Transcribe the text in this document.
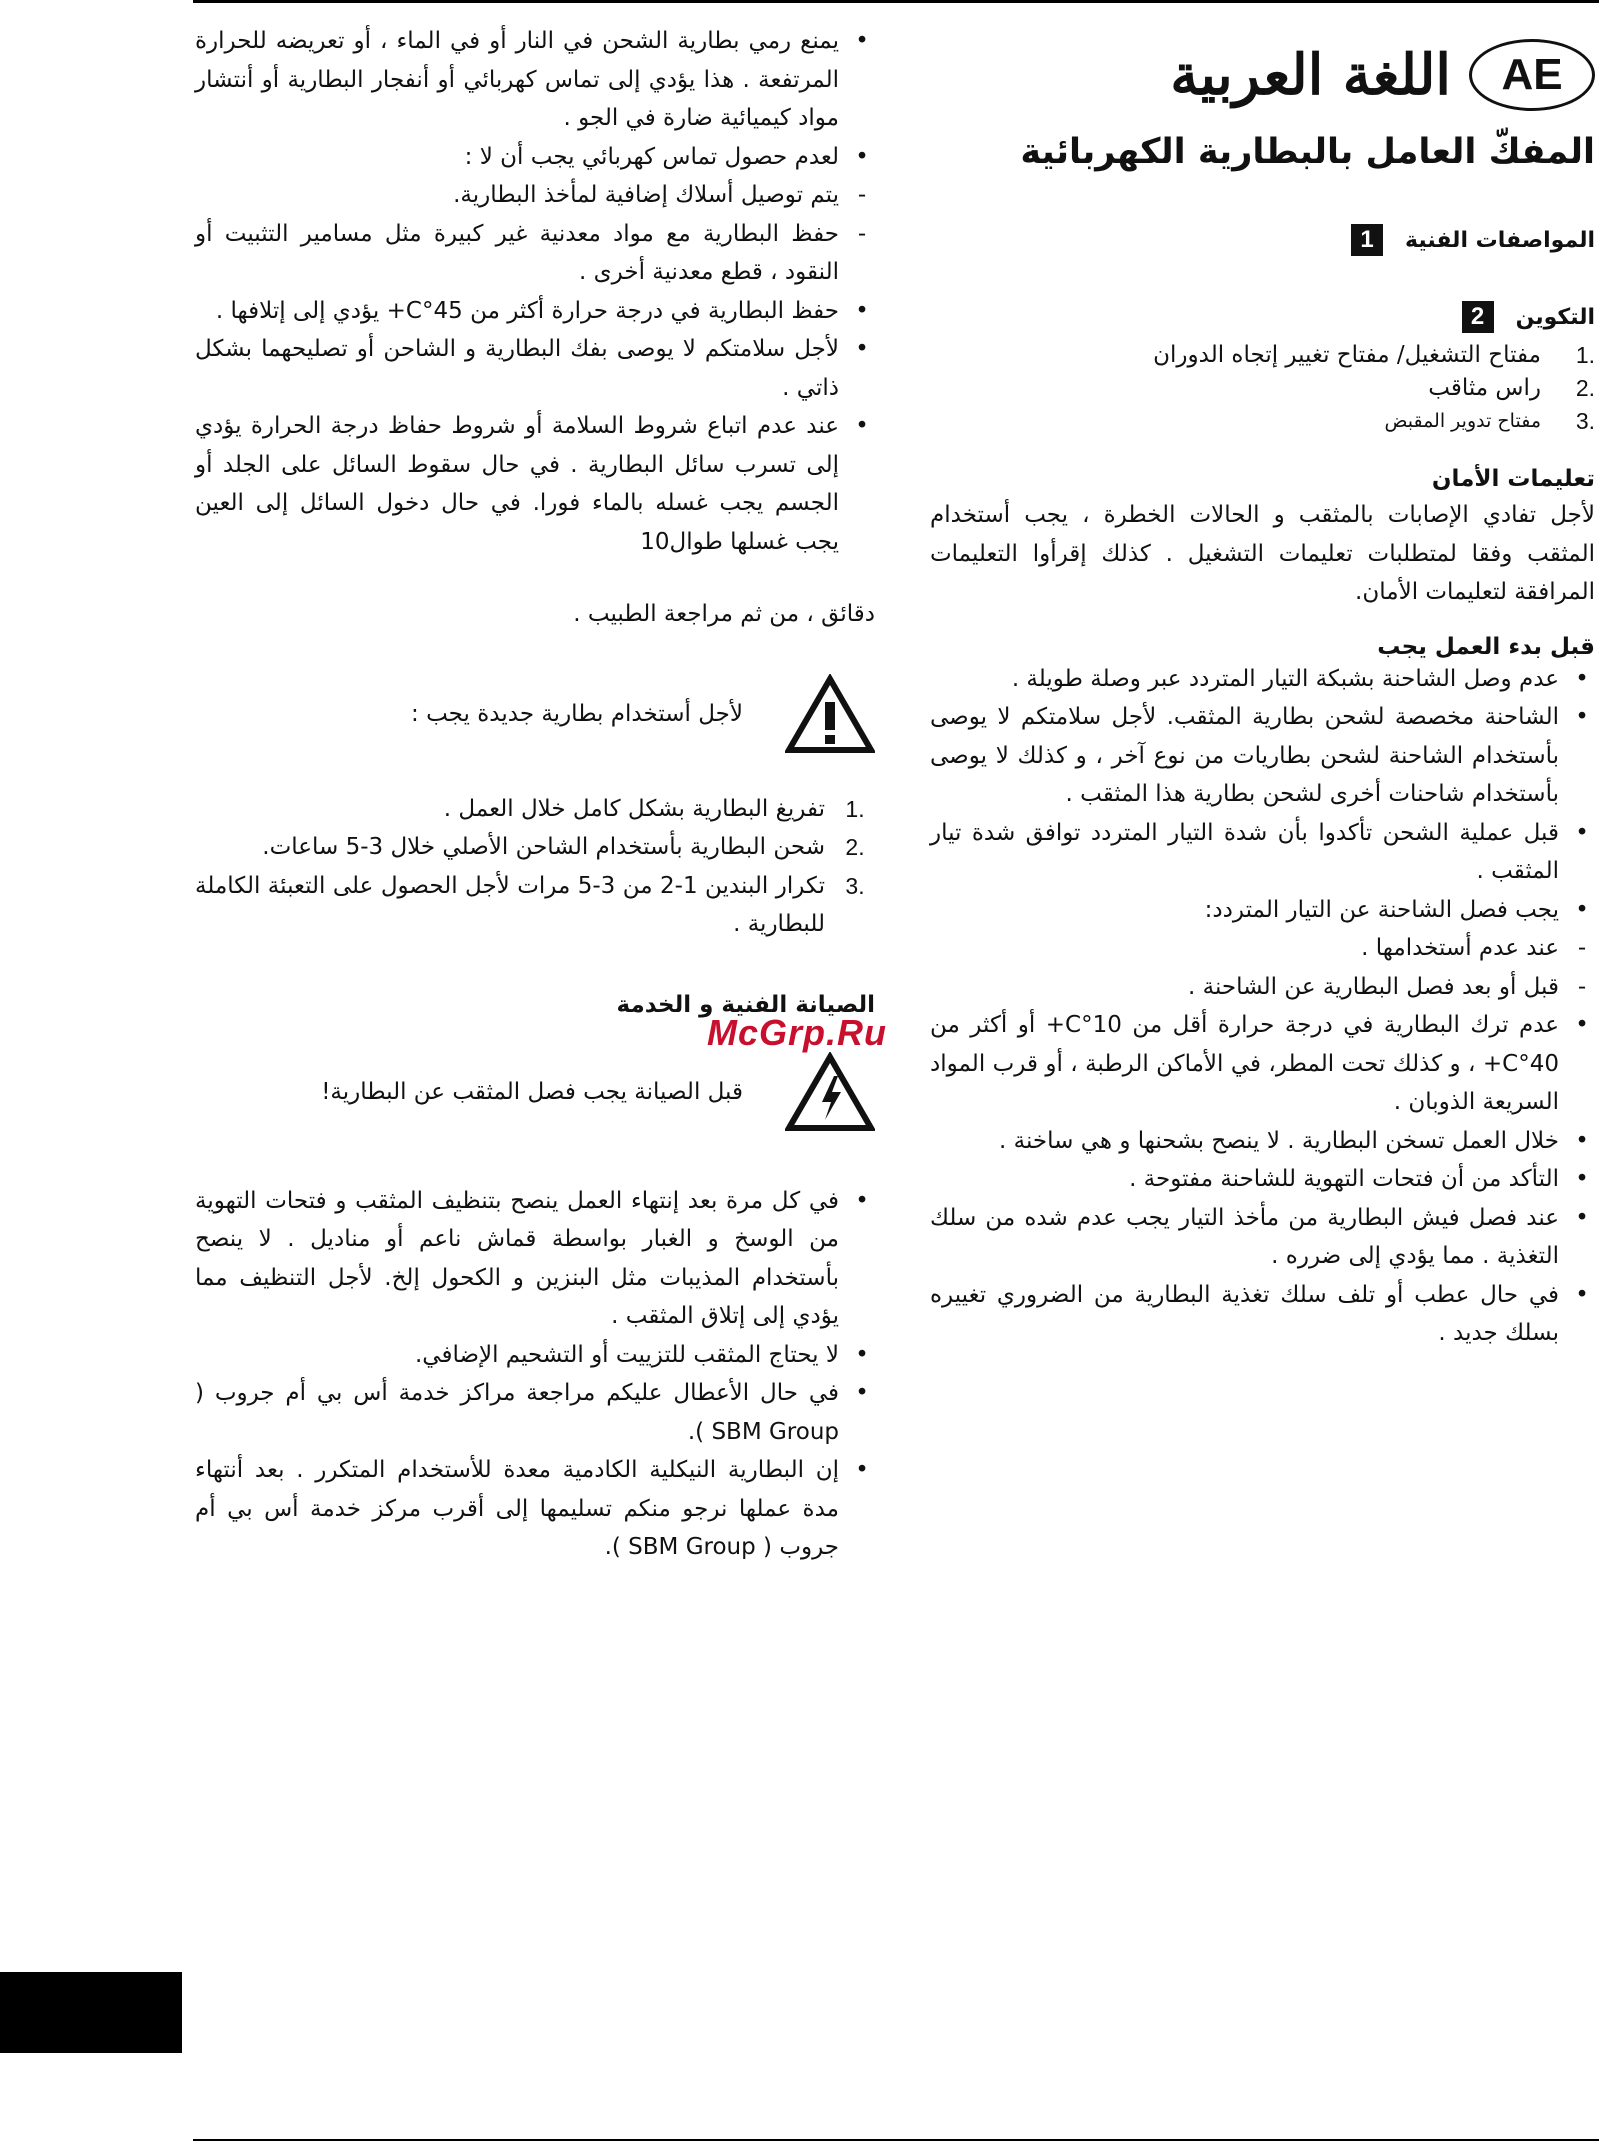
AE
اللغة العربية
المفكّ العامل بالبطارية الكهربائية
المواصفات الفنية
1
التكوين
2
.1
مفتاح التشغيل/ مفتاح تغيير إتجاه الدوران
.2
راس مثاقب
.3
مفتاح تدوير المقبض
تعليمات الأمان

لأجل تفادي الإصابات بالمثقب و الحالات الخطرة ، يجب أستخدام المثقب وفقا لمتطلبات تعليمات التشغيل . كذلك إقرأوا التعليمات المرافقة لتعليمات الأمان.

قبل بدء العمل يجب
•
عدم وصل الشاحنة بشبكة التيار المتردد عبر وصلة طويلة .
•
الشاحنة مخصصة لشحن بطارية المثقب. لأجل سلامتكم لا يوصى بأستخدام الشاحنة لشحن بطاريات من نوع آخر ، و كذلك لا يوصى بأستخدام شاحنات أخرى لشحن بطارية هذا المثقب .
•
قبل عملية الشحن تأكدوا بأن شدة التيار المتردد توافق شدة تيار المثقب .
•
يجب فصل الشاحنة عن التيار المتردد:
-
عند عدم أستخدامها .
-
قبل أو بعد فصل البطارية عن الشاحنة .
•
عدم ترك البطارية في درجة حرارة أقل من 10°C+ أو أكثر من 40°C+ ، و كذلك تحت المطر، في الأماكن الرطبة ، أو قرب المواد السريعة الذوبان .
•
خلال العمل تسخن البطارية . لا ينصح بشحنها و هي ساخنة .
•
التأكد من أن فتحات التهوية للشاحنة مفتوحة .
•
عند فصل فيش البطارية من مأخذ التيار يجب عدم شده من سلك التغذية . مما يؤدي إلى ضرره .
•
في حال عطب أو تلف سلك تغذية البطارية من الضروري تغييره بسلك جديد .
•
يمنع رمي بطارية الشحن في النار أو في الماء ، أو تعريضه للحرارة المرتفعة . هذا يؤدي إلى تماس كهربائي أو أنفجار البطارية أو أنتشار مواد كيميائية ضارة في الجو .
•
لعدم حصول تماس كهربائي يجب أن لا :
-
يتم توصيل أسلاك إضافية لمأخذ البطارية.
-
حفظ البطارية مع مواد معدنية غير كبيرة مثل مسامير التثبيت أو النقود ، قطع معدنية أخرى .
•
حفظ البطارية في درجة حرارة أكثر من 45°C+ يؤدي إلى إتلافها .
•
لأجل سلامتكم لا يوصى بفك البطارية و الشاحن أو تصليحهما بشكل ذاتي .
•
عند عدم اتباع شروط السلامة أو شروط حفاظ درجة الحرارة يؤدي إلى تسرب سائل البطارية . في حال سقوط السائل على الجلد أو الجسم يجب غسله بالماء فورا. في حال دخول السائل إلى العين يجب غسلها طوال10

دقائق ، من ثم مراجعة الطبيب .

لأجل أستخدام بطارية جديدة يجب :
.1
تفريغ البطارية بشكل كامل خلال العمل .
.2
شحن البطارية بأستخدام الشاحن الأصلي خلال 3-5 ساعات.
.3
تكرار البندين 1-2 من 3-5 مرات لأجل الحصول على التعبئة الكاملة للبطارية .
الصيانة الفنية و الخدمة
قبل الصيانة يجب فصل المثقب عن البطارية!
•
في كل مرة بعد إنتهاء العمل ينصح بتنظيف المثقب و فتحات التهوية من الوسخ و الغبار بواسطة قماش ناعم أو مناديل . لا ينصح بأستخدام المذيبات مثل البنزين و الكحول إلخ. لأجل التنظيف مما يؤدي إلى إتلاق المثقب .
•
لا يحتاج المثقب للتزييت أو التشحيم الإضافي.
•
في حال الأعطال عليكم مراجعة مراكز خدمة أس بي أم جروب ( SBM Group ).
•
إن البطارية النيكلية الكادمية معدة للأستخدام المتكرر . بعد أنتهاء مدة عملها نرجو منكم تسليمها إلى أقرب مركز خدمة أس بي أم جروب ( SBM Group ).
McGrp.Ru
